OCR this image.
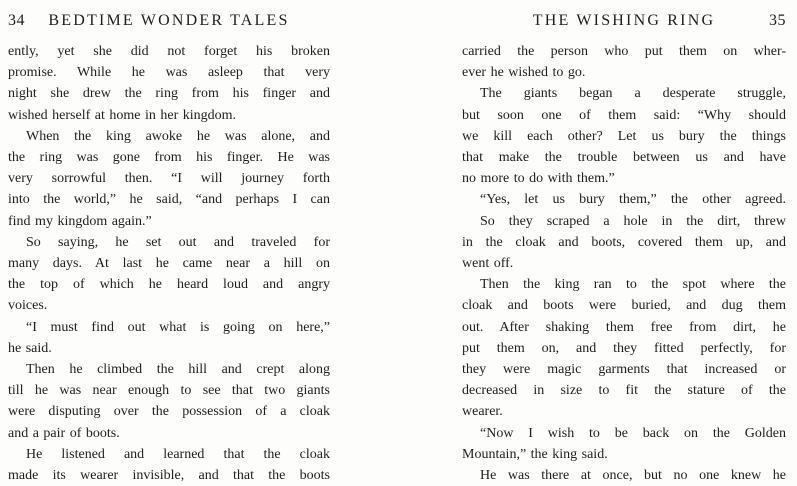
34 BEDTIME WONDER TALES
ently, yet she did not forget his broken
promise. While he was asleep that very
night she drew the ring from his finger and
wished herself at home in her kingdom.
When the king awoke he was alone, and
the ring was gone from his finger. He was
very sorrowful then. “I will journey forth
into the world,” he said, “and perhaps I can
find my kingdom again.”
So saying, he set out and traveled for
many days. At last he came near a hill on
the top of which he heard loud and angry
voices.
“I must find out what is going on here,”
he said.
Then he climbed the hill and crept along
till he was near enough to see that two giants
were disputing over the possession of a cloak
and a pair of boots.
He listened and learned that the cloak
made its wearer invisible, and that the boots
THE WISHING RING	35
carried the person who put them on wher-
ever he wished to go.
The giants began a desperate struggle,
but soon one of them said: “Why should
we kill each other? Let us bury the things
that make the trouble between us and have
no more to do with them.”
“Yes, let us bury them,” the other agreed.
So they scraped a hole in the dirt, threw
in the cloak and boots, covered them up, and
went off.
Then the king ran to the spot where the
cloak and boots were buried, and dug them
out. After shaking them free from dirt, he
put them on, and they fitted perfectly, for
they were magic garments that increased or
decreased in size to fit the stature of the
wearer.
“Now I wish to be back on the Golden
Mountain,” the king said.
He was there at once, but no one knew he
